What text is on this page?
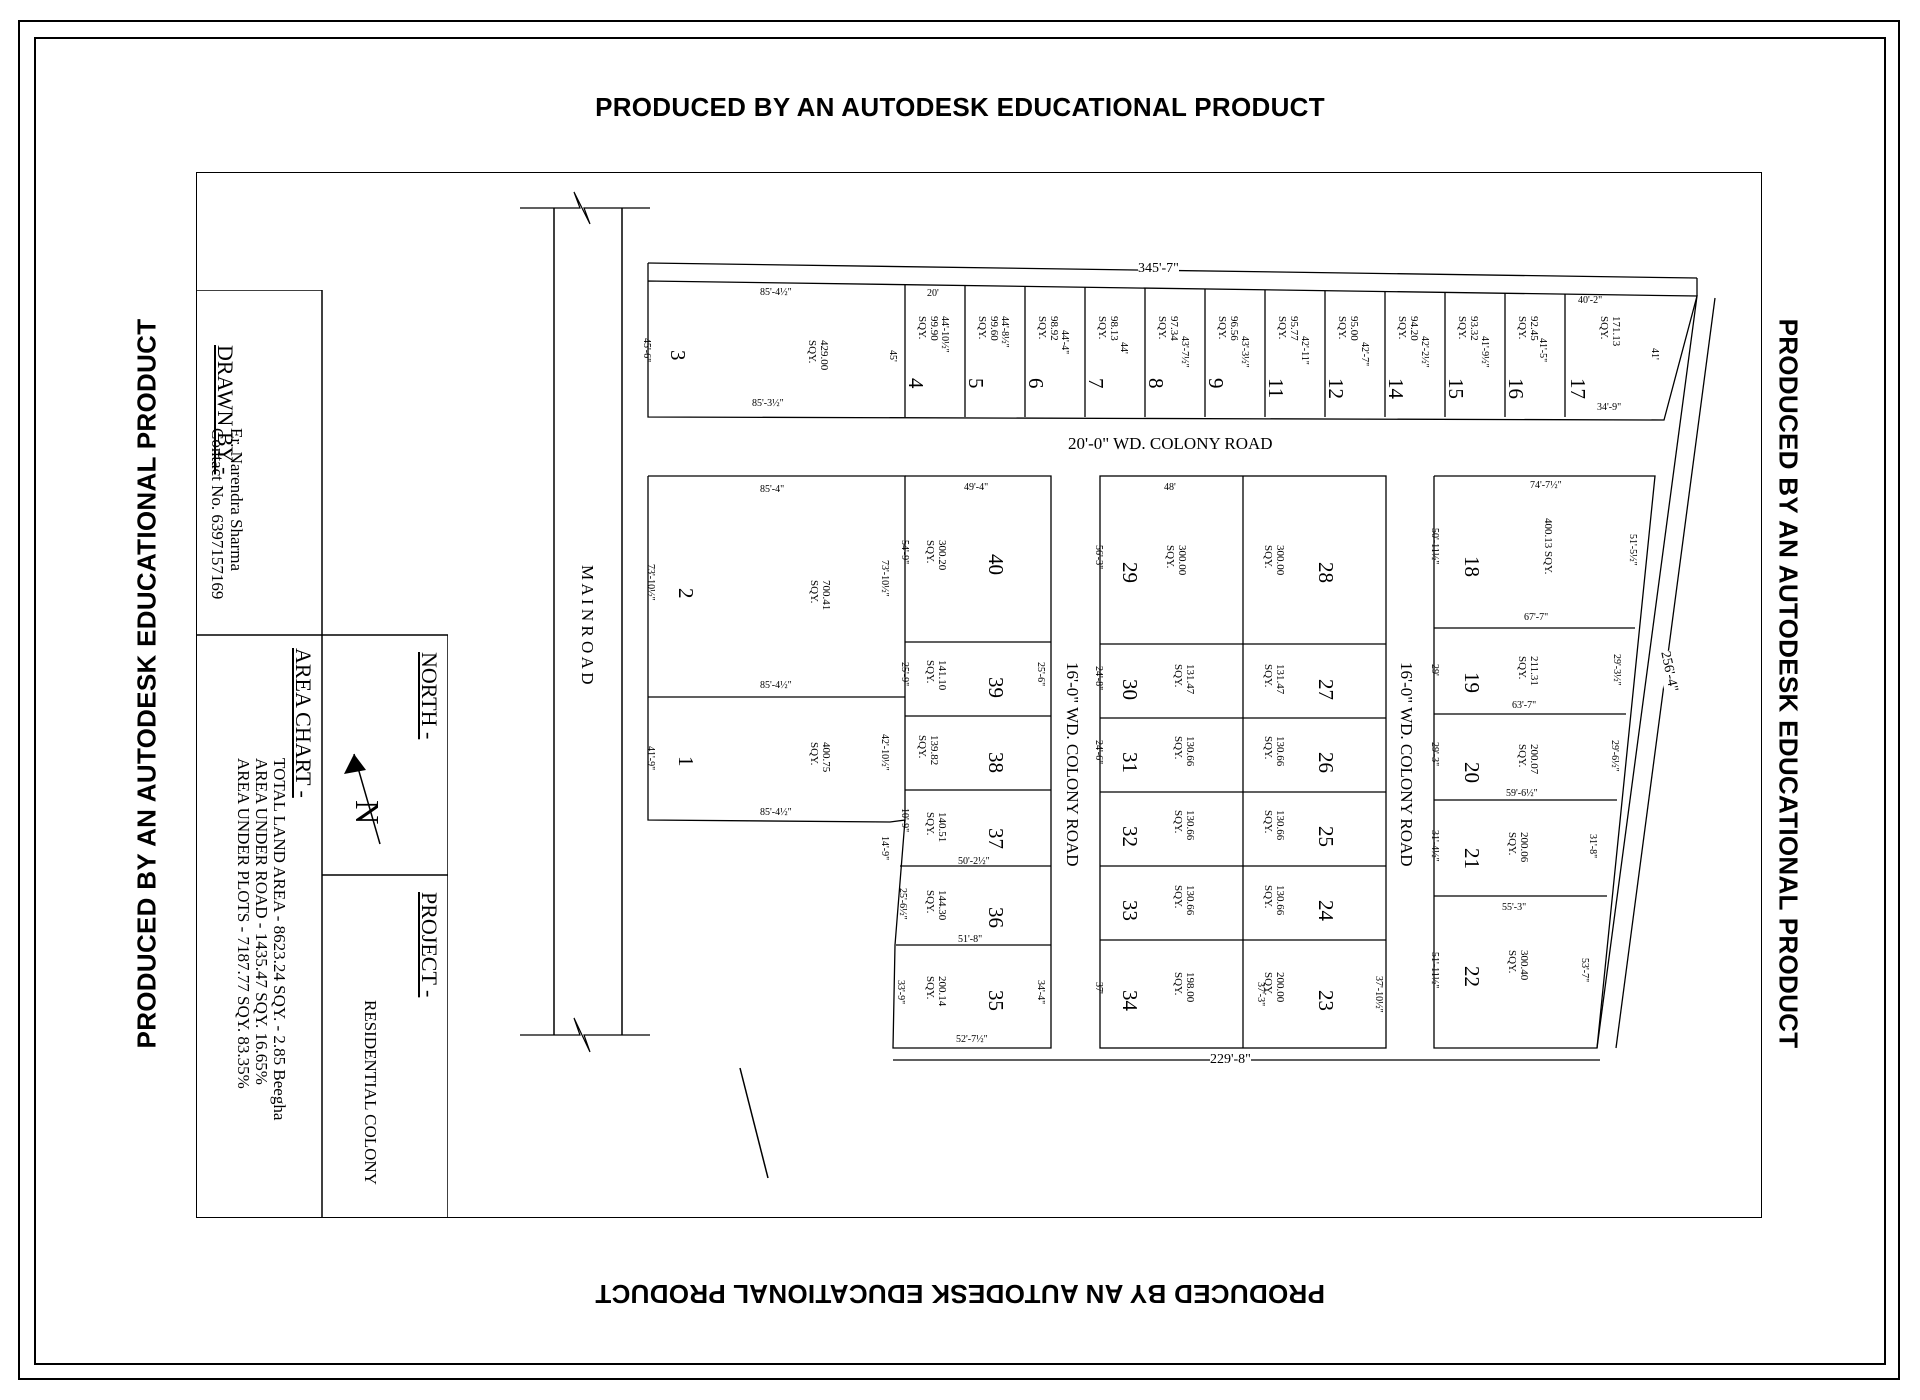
PRODUCED BY AN AUTODESK EDUCATIONAL PRODUCT
PRODUCED BY AN AUTODESK EDUCATIONAL PRODUCT
PRODUCED BY AN AUTODESK EDUCATIONAL PRODUCT	PRODUCED BY AN AUTODESK EDUCATIONAL PRODUCT
DRAWN BY -
Er. Narendra Sharma
Contact No. 6397157169
AREA CHART -
TOTAL LAND AREA - 8623.24 SQY. - 2.85 Beegha
AREA UNDER ROAD - 1435.47 SQY. 16.65%
AREA UNDER PLOTS - 7187.77 SQY. 83.35%
NORTH -
N
PROJECT -
RESIDENTIAL COLONY
M A I N R O A D
20'-0" WD. COLONY ROAD
16'-0" WD. COLONY ROAD	16'-0" WD. COLONY ROAD
345'-7"
229'-8"
256'-4"
3	429.00
SQY.
4
99.90
SQY.
5
99.60
SQY.
6
98.92
SQY.
7
98.13
SQY.
8
97.34
SQY.
9
96.56
SQY.
11
95.77
SQY.
12
95.00
SQY.
14
94.20
SQY.
15
93.32
SQY.
16
92.45
SQY.
17
171.13
SQY.
2	700.41
SQY.
1	400.75
SQY.
40
300.20
SQY.
39
141.10
SQY.
38
139.82
SQY.
37
140.51
SQY.
36
144.30
SQY.
35
200.14
SQY.
29	300.00
SQY.
30	131.47
SQY.
31	130.66
SQY.
32	130.66
SQY.
33	130.66
SQY.
34	198.00
SQY.
28
300.00
SQY.
27
131.47
SQY.
26
130.66
SQY.
25
130.66
SQY.
24
130.66
SQY.
23
200.00
SQY.
18	400.13 SQY.
19	211.31
SQY.
20	200.07
SQY.
21	200.06
SQY.
22	300.40
SQY.
85'-4½"
85'-3½"
45'-6"	45'
20'
44'-10½"	44'-8½"	44'-4"	44'	43'-7½"	43'-3½"	42'-11"	42'-7"	42'-2½"	41'-9½"	41'-5"
40'-2"
34'-9"
41'
85'-4"
73'-10½"
85'-4½"
41'-9"	42'-10½"
85'-4½"
49'-4"
54'-9"
73'-10½"
25'-9"	25'-6"
10'-9"
14'-9"
50'-2½"
25'-6½"
51'-8"
33'-9"	34'-4"
52'-7½"
48'
56'-3"
24'-8"
24'-6"
37'	37'-3"	37'-10½"
74'-7½"
50'-11½"	51'-5½"
67'-7"
29'	29'-3½"
63'-7"
29'-3"	29'-6½"
59'-6½"
31'-4½"	31'-8"
55'-3"
51'-11½"	53'-7"
